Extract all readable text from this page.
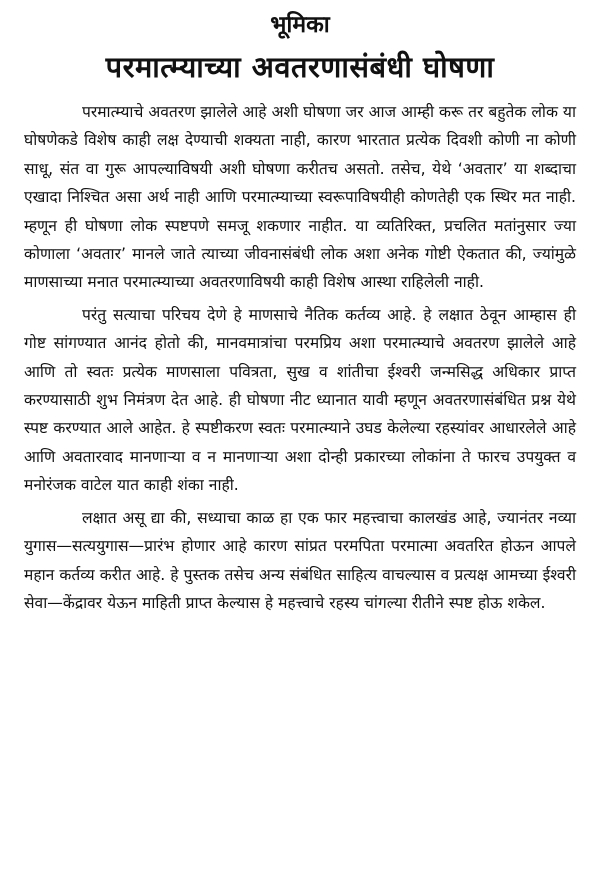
भूमिका
परमात्म्याच्या अवतरणासंबंधी घोषणा

परमात्म्याचे अवतरण झालेले आहे अशी घोषणा जर आज आम्ही करू तर बहुतेक लोक या घोषणेकडे विशेष काही लक्ष देण्याची शक्यता नाही, कारण भारतात प्रत्येक दिवशी कोणी ना कोणी साधू, संत वा गुरू आपल्याविषयी अशी घोषणा करीतच असतो. तसेच, येथे ‘अवतार’ या शब्दाचा एखादा निश्चित असा अर्थ नाही आणि परमात्म्याच्या स्वरूपाविषयीही कोणतेही एक स्थिर मत नाही. म्हणून ही घोषणा लोक स्पष्टपणे समजू शकणार नाहीत. या व्यतिरिक्त, प्रचलित मतांनुसार ज्या कोणाला ‘अवतार’ मानले जाते त्याच्या जीवनासंबंधी लोक अशा अनेक गोष्टी ऐकतात की, ज्यांमुळे माणसाच्या मनात परमात्म्याच्या अवतरणाविषयी काही विशेष आस्था राहिलेली नाही.

परंतु सत्याचा परिचय देणे हे माणसाचे नैतिक कर्तव्य आहे. हे लक्षात ठेवून आम्हास ही गोष्ट सांगण्यात आनंद होतो की, मानवमात्रांचा परमप्रिय अशा परमात्म्याचे अवतरण झालेले आहे आणि तो स्वतः प्रत्येक माणसाला पवित्रता, सुख व शांतीचा ईश्वरी जन्मसिद्ध अधिकार प्राप्त करण्यासाठी शुभ निमंत्रण देत आहे. ही घोषणा नीट ध्यानात यावी म्हणून अवतरणासंबंधित प्रश्न येथे स्पष्ट करण्यात आले आहेत. हे स्पष्टीकरण स्वतः परमात्म्याने उघड केलेल्या रहस्यांवर आधारलेले आहे आणि अवतारवाद मानणाऱ्या व न मानणाऱ्या अशा दोन्ही प्रकारच्या लोकांना ते फारच उपयुक्त व मनोरंजक वाटेल यात काही शंका नाही.

लक्षात असू द्या की, सध्याचा काळ हा एक फार महत्त्वाचा कालखंड आहे, ज्यानंतर नव्या युगास—सत्ययुगास—प्रारंभ होणार आहे कारण सांप्रत परमपिता परमात्मा अवतरित होऊन आपले महान कर्तव्य करीत आहे. हे पुस्तक तसेच अन्य संबंधित साहित्य वाचल्यास व प्रत्यक्ष आमच्या ईश्वरी सेवा—केंद्रावर येऊन माहिती प्राप्त केल्यास हे महत्त्वाचे रहस्य चांगल्या रीतीने स्पष्ट होऊ शकेल.
